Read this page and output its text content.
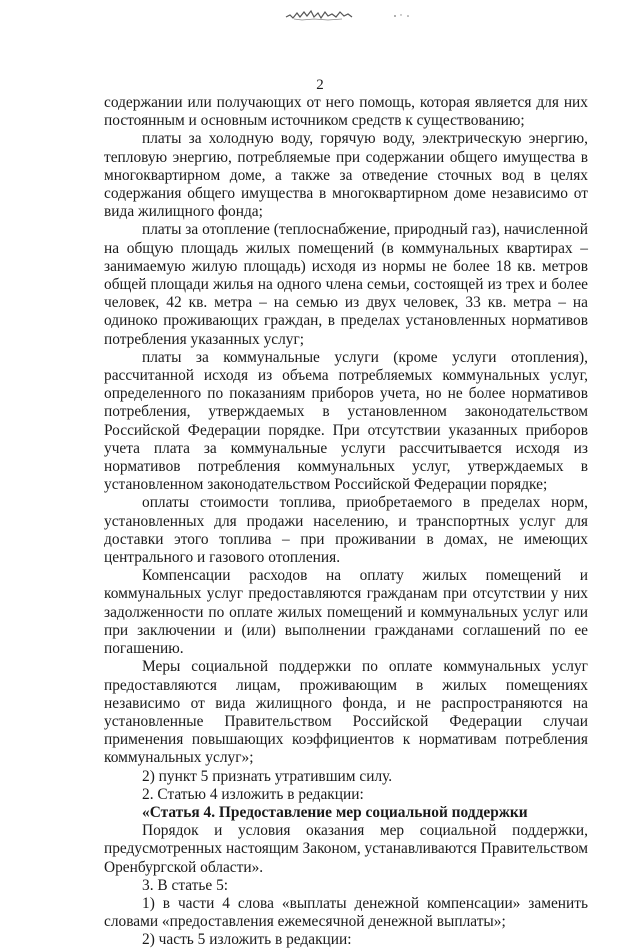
2

содержании или получающих от него помощь, которая является для них постоянным и основным источником средств к существованию;

платы за холодную воду, горячую воду, электрическую энергию, тепловую энергию, потребляемые при содержании общего имущества в многоквартирном доме, а также за отведение сточных вод в целях содержания общего имущества в многоквартирном доме независимо от вида жилищного фонда;

платы за отопление (теплоснабжение, природный газ), начисленной на общую площадь жилых помещений (в коммунальных квартирах – занимаемую жилую площадь) исходя из нормы не более 18 кв. метров общей площади жилья на одного члена семьи, состоящей из трех и более человек, 42 кв. метра – на семью из двух человек, 33 кв. метра – на одиноко проживающих граждан, в пределах установленных нормативов потребления указанных услуг;

платы за коммунальные услуги (кроме услуги отопления), рассчитанной исходя из объема потребляемых коммунальных услуг, определенного по показаниям приборов учета, но не более нормативов потребления, утверждаемых в установленном законодательством Российской Федерации порядке. При отсутствии указанных приборов учета плата за коммунальные услуги рассчитывается исходя из нормативов потребления коммунальных услуг, утверждаемых в установленном законодательством Российской Федерации порядке;

оплаты стоимости топлива, приобретаемого в пределах норм, установленных для продажи населению, и транспортных услуг для доставки этого топлива – при проживании в домах, не имеющих центрального и газового отопления.

Компенсации расходов на оплату жилых помещений и коммунальных услуг предоставляются гражданам при отсутствии у них задолженности по оплате жилых помещений и коммунальных услуг или при заключении и (или) выполнении гражданами соглашений по ее погашению.

Меры социальной поддержки по оплате коммунальных услуг предоставляются лицам, проживающим в жилых помещениях независимо от вида жилищного фонда, и не распространяются на установленные Правительством Российской Федерации случаи применения повышающих коэффициентов к нормативам потребления коммунальных услуг»;

2) пункт 5 признать утратившим силу.

2. Статью 4 изложить в редакции:

«Статья 4. Предоставление мер социальной поддержки

Порядок и условия оказания мер социальной поддержки, предусмотренных настоящим Законом, устанавливаются Правительством Оренбургской области».

3. В статье 5:

1) в части 4 слова «выплаты денежной компенсации» заменить словами «предоставления ежемесячной денежной выплаты»;

2) часть 5 изложить в редакции:
